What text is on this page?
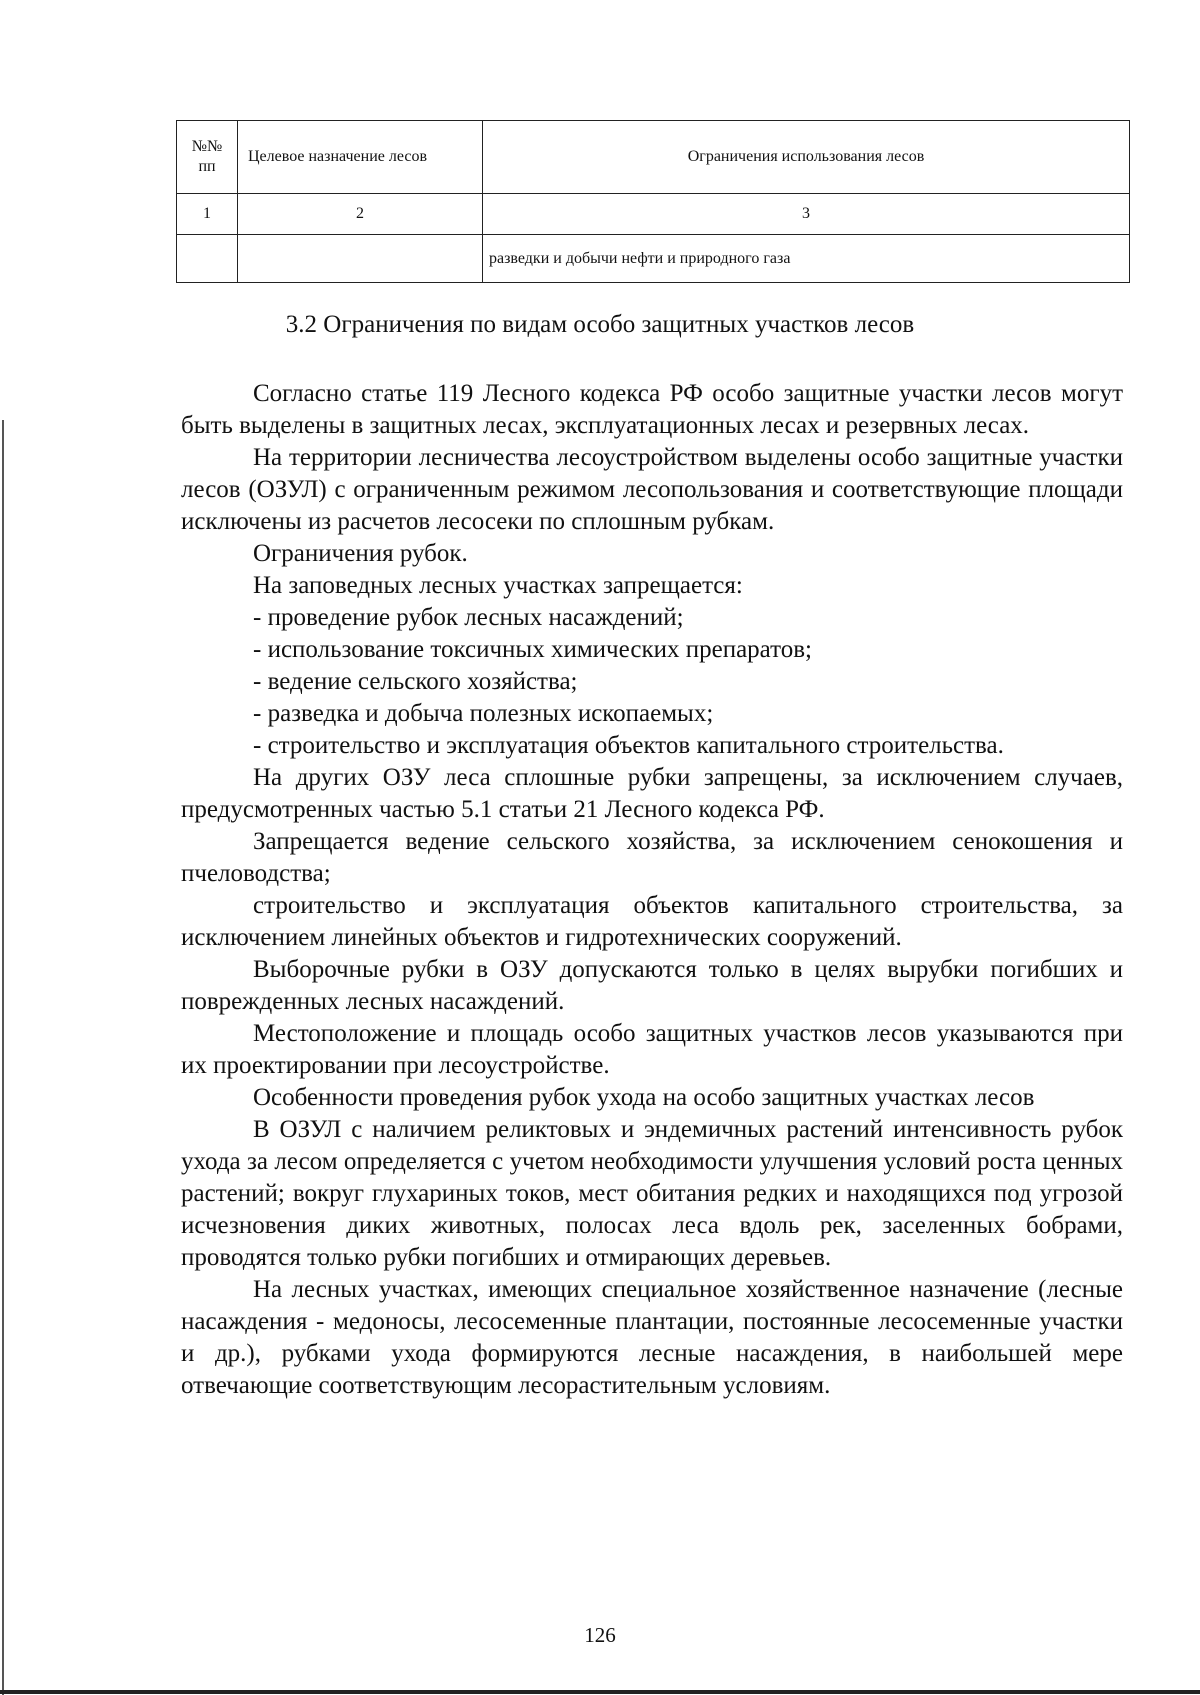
№№
пп	Целевое назначение лесов	Ограничения использования лесов
1	2	3
		разведки и добычи нефти и природного газа
3.2 Ограничения по видам особо защитных участков лесов

Согласно статье 119 Лесного кодекса РФ особо защитные участки лесов могут быть выделены в защитных лесах, эксплуатационных лесах и резервных лесах.

На территории лесничества лесоустройством выделены особо защитные участки лесов (ОЗУЛ) с ограниченным режимом лесопользования и соответствующие площади исключены из расчетов лесосеки по сплошным рубкам.

Ограничения рубок.

На заповедных лесных участках запрещается:

- проведение рубок лесных насаждений;

- использование токсичных химических препаратов;

- ведение сельского хозяйства;

- разведка и добыча полезных ископаемых;

- строительство и эксплуатация объектов капитального строительства.

На других ОЗУ леса сплошные рубки запрещены, за исключением случаев, предусмотренных частью 5.1 статьи 21 Лесного кодекса РФ.

Запрещается ведение сельского хозяйства, за исключением сенокошения и пчеловодства;

строительство и эксплуатация объектов капитального строительства, за исключением линейных объектов и гидротехнических сооружений.

Выборочные рубки в ОЗУ допускаются только в целях вырубки погибших и поврежденных лесных насаждений.

Местоположение и площадь особо защитных участков лесов указываются при их проектировании при лесоустройстве.

Особенности проведения рубок ухода на особо защитных участках лесов

В ОЗУЛ с наличием реликтовых и эндемичных растений интенсивность рубок ухода за лесом определяется с учетом необходимости улучшения условий роста ценных растений; вокруг глухариных токов, мест обитания редких и находящихся под угрозой исчезновения диких животных, полосах леса вдоль рек, заселенных бобрами, проводятся только рубки погибших и отмирающих деревьев.

На лесных участках, имеющих специальное хозяйственное назначение (лесные насаждения - медоносы, лесосеменные плантации, постоянные лесосеменные участки и др.), рубками ухода формируются лесные насаждения, в наибольшей мере отвечающие соответствующим лесорастительным условиям.

126
